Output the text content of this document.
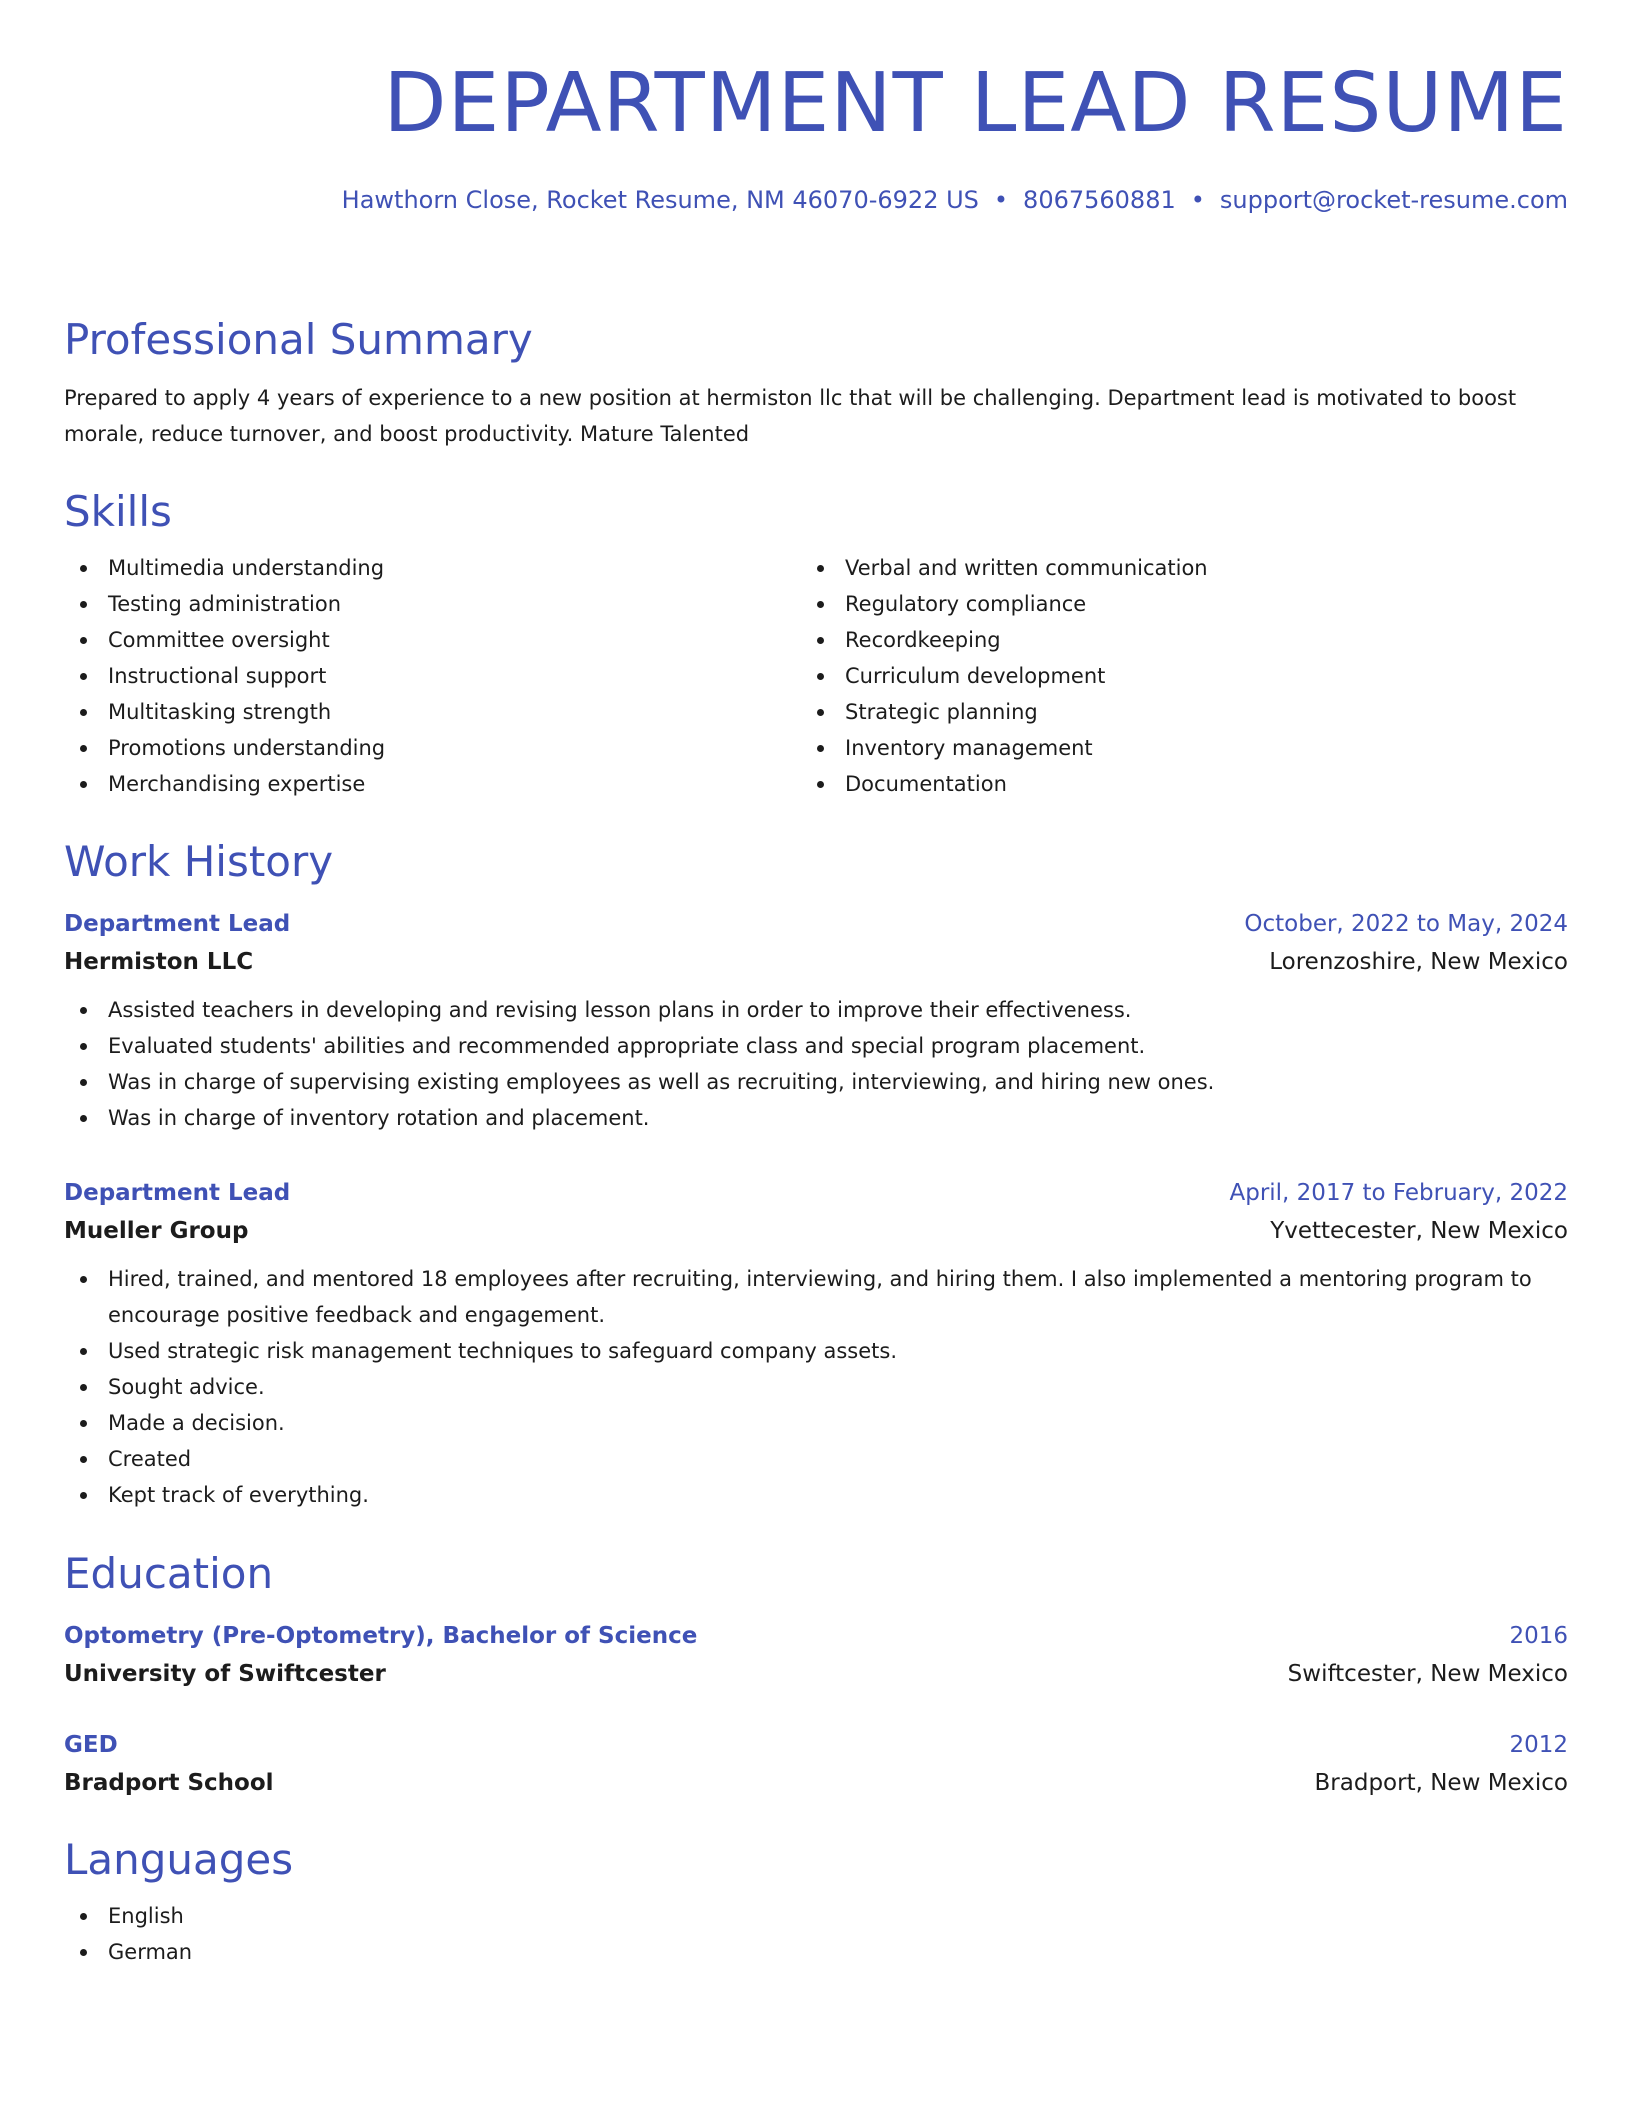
DEPARTMENT LEAD RESUME
Hawthorn Close, Rocket Resume, NM 46070-6922 US • 8067560881 • support@rocket-resume.com
Professional Summary

Prepared to apply 4 years of experience to a new position at hermiston llc that will be challenging. Department lead is motivated to boost morale, reduce turnover, and boost productivity. Mature Talented

Skills
Multimedia understanding
Testing administration
Committee oversight
Instructional support
Multitasking strength
Promotions understanding
Merchandising expertise
Verbal and written communication
Regulatory compliance
Recordkeeping
Curriculum development
Strategic planning
Inventory management
Documentation
Work History
Department Lead	October, 2022 to May, 2024
Hermiston LLC	Lorenzoshire, New Mexico
Assisted teachers in developing and revising lesson plans in order to improve their effectiveness.
Evaluated students' abilities and recommended appropriate class and special program placement.
Was in charge of supervising existing employees as well as recruiting, interviewing, and hiring new ones.
Was in charge of inventory rotation and placement.
Department Lead	April, 2017 to February, 2022
Mueller Group	Yvettecester, New Mexico
Hired, trained, and mentored 18 employees after recruiting, interviewing, and hiring them. I also implemented a mentoring program to encourage positive feedback and engagement.
Used strategic risk management techniques to safeguard company assets.
Sought advice.
Made a decision.
Created
Kept track of everything.
Education
Optometry (Pre-Optometry), Bachelor of Science	2016
University of Swiftcester	Swiftcester, New Mexico
GED	2012
Bradport School	Bradport, New Mexico
Languages
English
German
